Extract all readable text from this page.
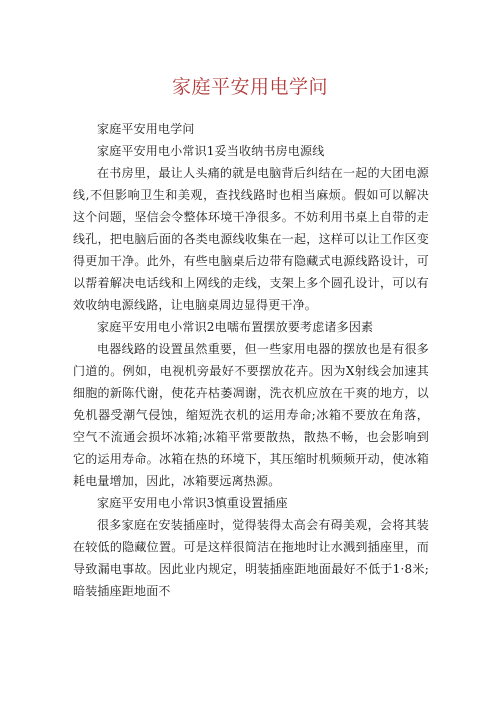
家庭平安用电学问

家庭平安用电学问

家庭平安用电小常识1妥当收纳书房电源线

在书房里，最让人头痛的就是电脑背后纠结在一起的大团电源线,不但影响卫生和美观，查找线路时也相当麻烦。假如可以解决这个问题，坚信会令整体环境干净很多。不妨利用书桌上自带的走线孔，把电脑后面的各类电源线收集在一起，这样可以让工作区变得更加干净。此外，有些电脑桌后边带有隐藏式电源线路设计，可以帮着解决电话线和上网线的走线，支架上多个圆孔设计，可以有效收纳电源线路，让电脑桌周边显得更干净。

家庭平安用电小常识2电嚅布置摆放要考虑诸多因素

电器线路的设置虽然重要，但一些家用电器的摆放也是有很多门道的。例如，电视机旁最好不要摆放花卉。因为X射线会加速其细胞的新陈代谢，使花卉枯萎凋谢，洗衣机应放在干爽的地方，以免机器受潮气侵蚀，缩短洗衣机的运用寿命;冰箱不要放在角落，空气不流通会损坏冰箱;冰箱平常要散热，散热不畅，也会影响到它的运用寿命。冰箱在热的环境下，其压缩时机频频开动，使冰箱耗电量增加，因此，冰箱要远离热源。

家庭平安用电小常识3慎重设置插座

很多家庭在安装插座时，觉得装得太高会有碍美观，会将其装在较低的隐藏位置。可是这样很简洁在拖地时让水溅到插座里，而导致漏电事故。因此业内规定，明装插座距地面最好不低于1·8米;暗装插座距地面不
